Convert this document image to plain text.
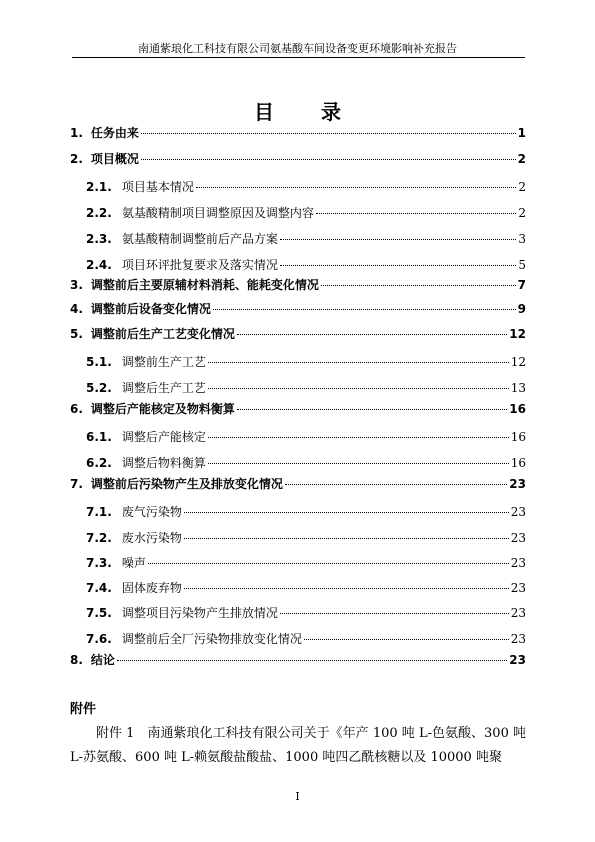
南通紫琅化工科技有限公司氨基酸车间设备变更环境影响补充报告
目 录
1. 任务由来	1
2. 项目概况	2
2.1. 项目基本情况	2
2.2. 氨基酸精制项目调整原因及调整内容	2
2.3. 氨基酸精制调整前后产品方案	3
2.4. 项目环评批复要求及落实情况	5
3. 调整前后主要原辅材料消耗、能耗变化情况	7
4. 调整前后设备变化情况	9
5. 调整前后生产工艺变化情况	12
5.1. 调整前生产工艺	12
5.2. 调整后生产工艺	13
6. 调整后产能核定及物料衡算	16
6.1. 调整后产能核定	16
6.2. 调整后物料衡算	16
7. 调整前后污染物产生及排放变化情况	23
7.1. 废气污染物	23
7.2. 废水污染物	23
7.3. 噪声	23
7.4. 固体废弃物	23
7.5. 调整项目污染物产生排放情况	23
7.6. 调整前后全厂污染物排放变化情况	23
8. 结论	23
附件
附件 1　南通紫琅化工科技有限公司关于《年产 100 吨 L-色氨酸、300 吨 L-苏氨酸、600 吨 L-赖氨酸盐酸盐、1000 吨四乙酰核糖以及 10000 吨聚
I
